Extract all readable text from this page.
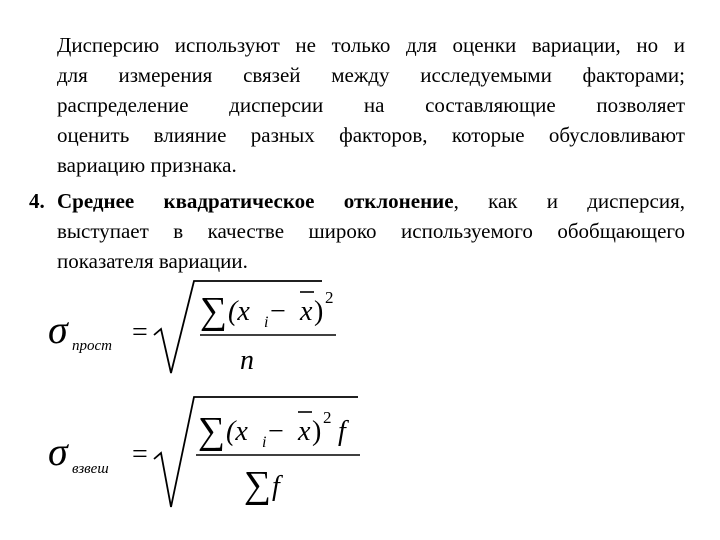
Дисперсию используют не только для оценки вариации, но и
для измерения связей между исследуемыми факторами;
распределение дисперсии на составляющие позволяет
оценить влияние разных факторов, которые обусловливают
вариацию признака.
4. Среднее квадратическое отклонение, как и дисперсия,
выступает в качестве широко используемого обобщающего
показателя вариации.
σ прост =
∑ (x i − x ) 2
n
σ взвеш =
∑ (x i − x ) 2 f
∑ f
